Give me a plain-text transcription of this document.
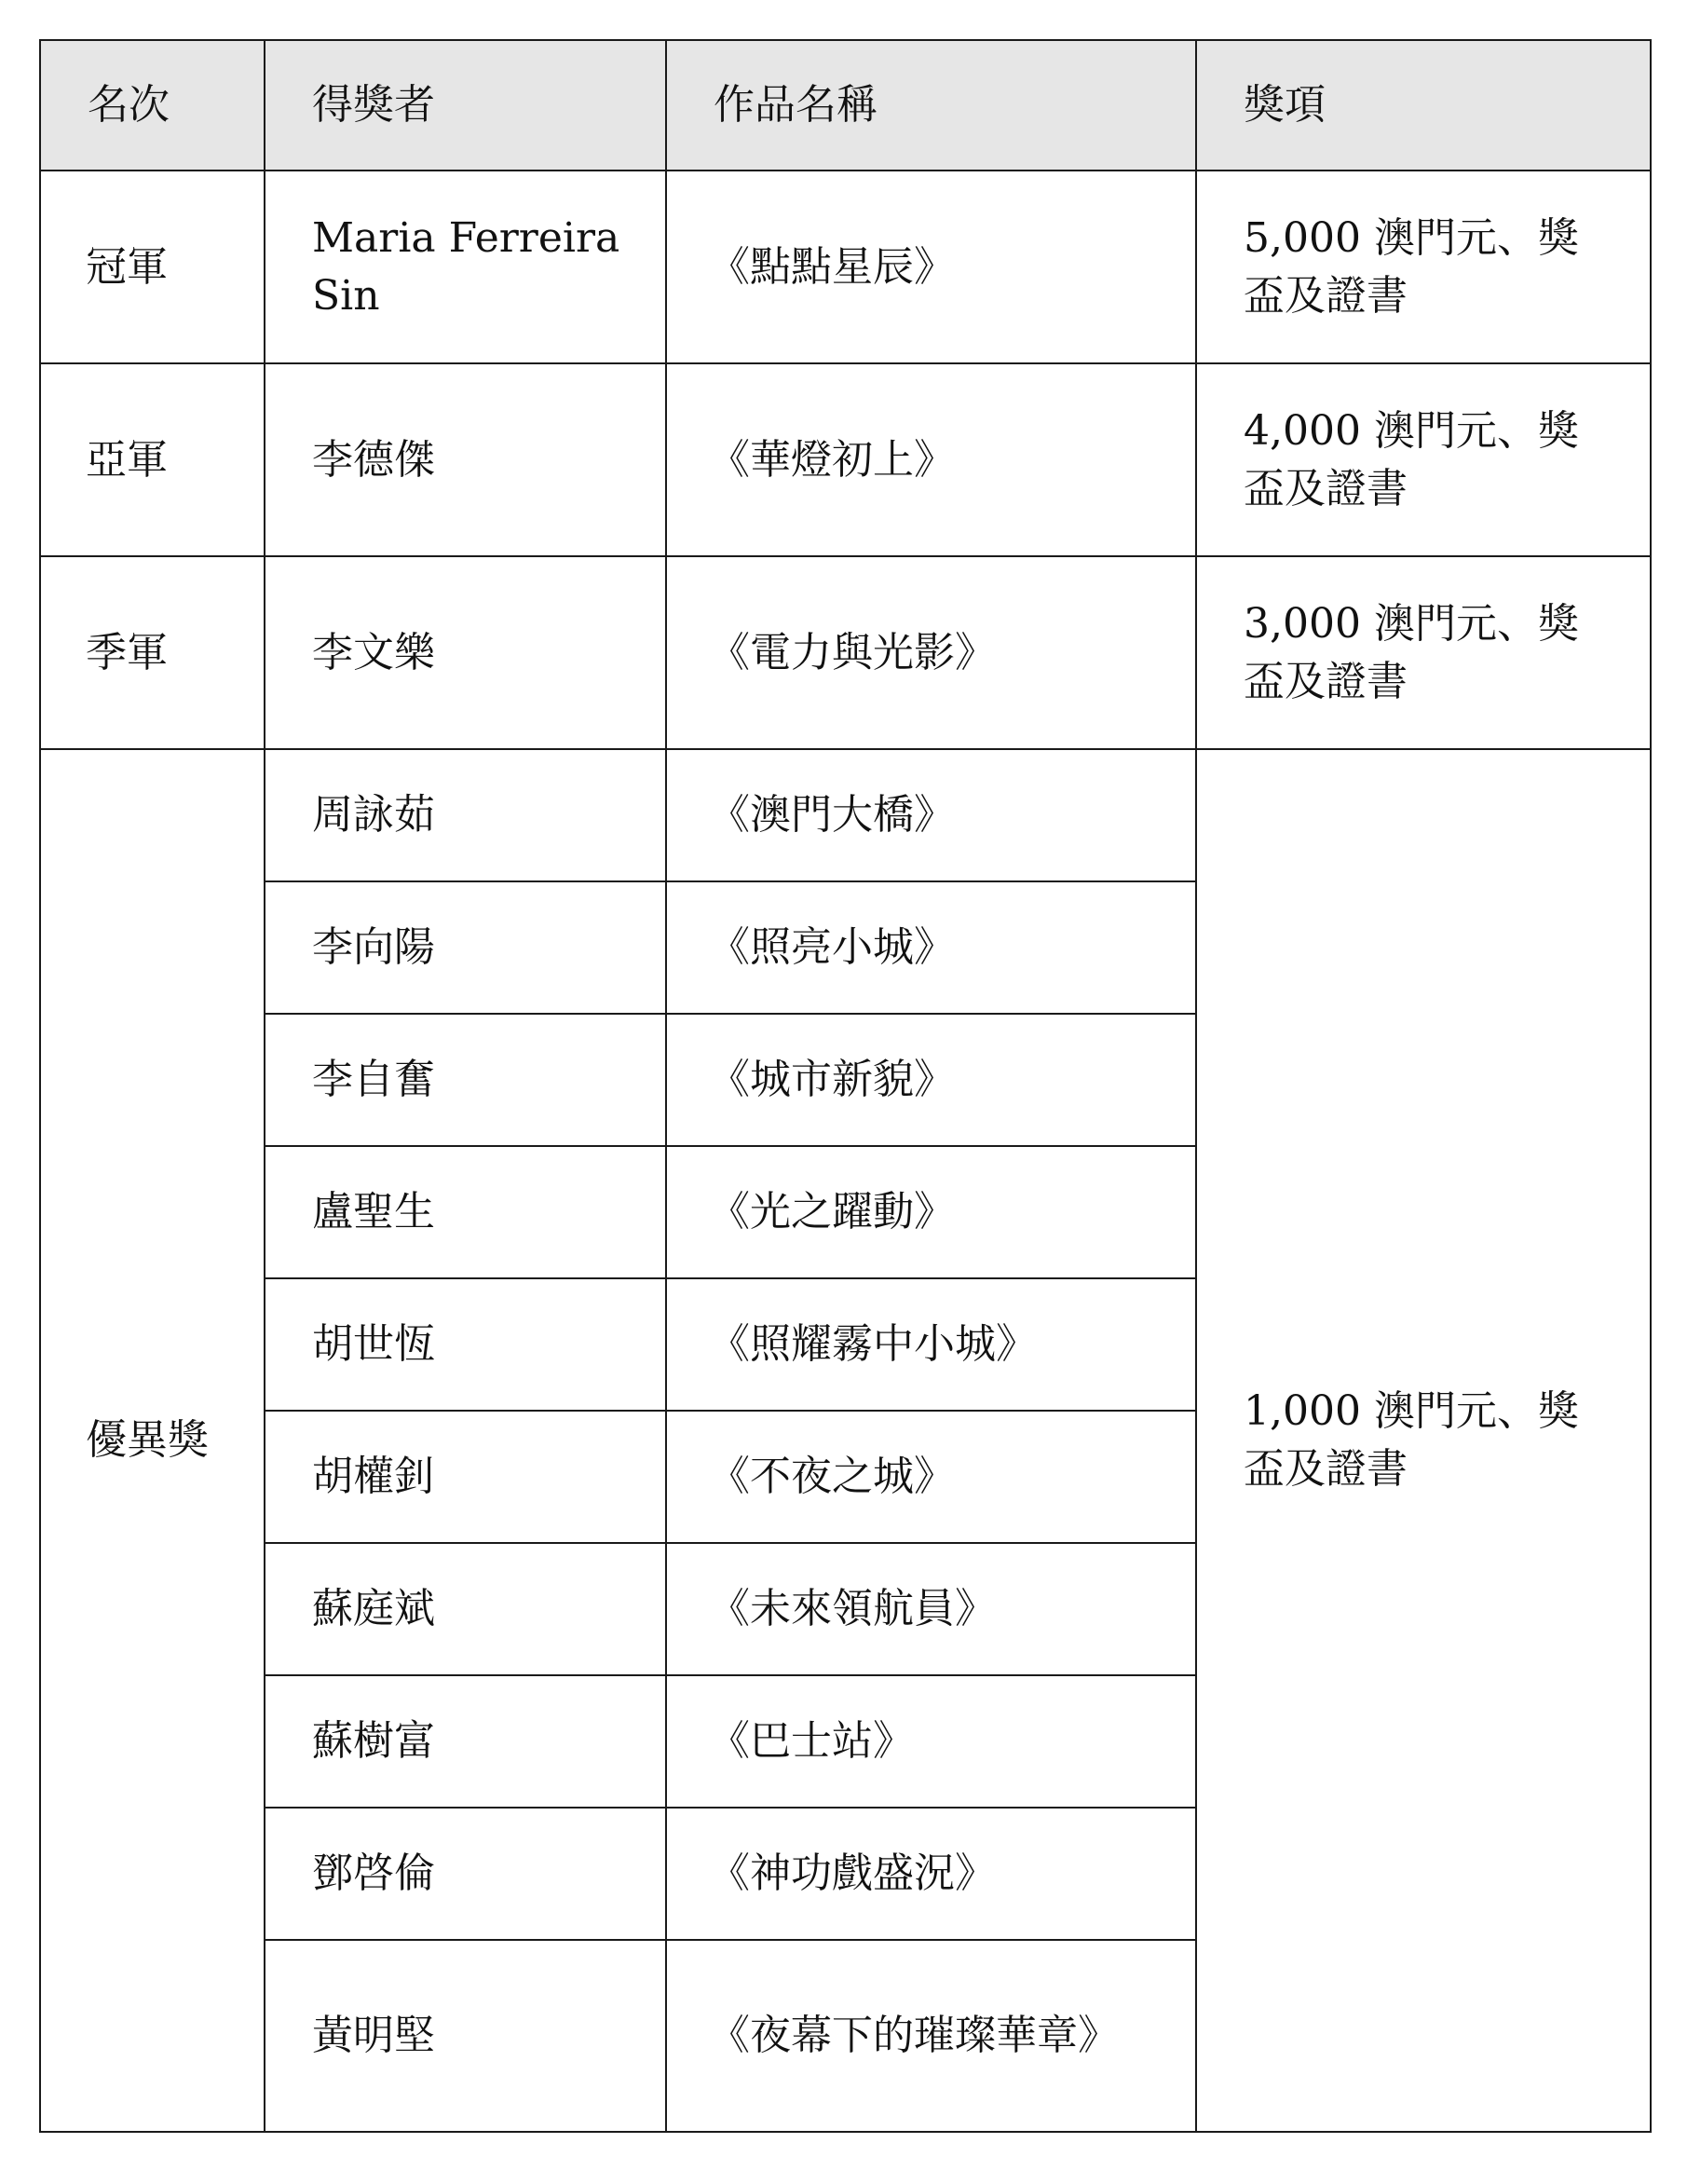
名次	得獎者	作品名稱	獎項
冠軍	Maria Ferreira Sin	《點點星辰》	5,000 澳門元、獎盃及證書
亞軍	李德傑	《華燈初上》	4,000 澳門元、獎盃及證書
季軍	李文樂	《電力與光影》	3,000 澳門元、獎盃及證書
優異獎	周詠茹	《澳門大橋》	1,000 澳門元、獎盃及證書
	李向陽	《照亮小城》	
	李自奮	《城市新貌》	
	盧聖生	《光之躍動》	
	胡世恆	《照耀霧中小城》	
	胡權釗	《不夜之城》	
	蘇庭斌	《未來領航員》	
	蘇樹富	《巴士站》	
	鄧啓倫	《神功戲盛況》	
	黃明堅	《夜幕下的璀璨華章》	
